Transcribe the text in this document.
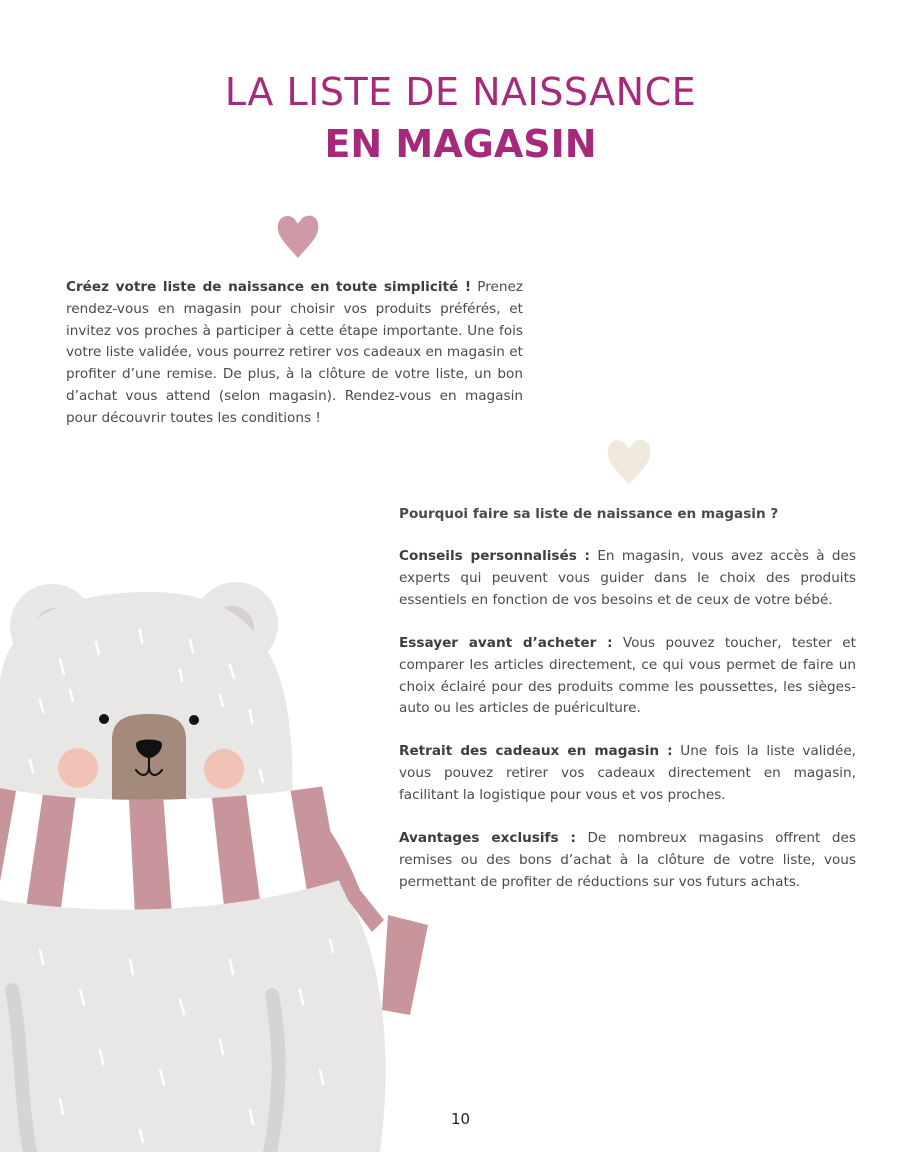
LA LISTE DE NAISSANCE
EN MAGASIN

Créez votre liste de naissance en toute simplicité ! Prenez rendez-vous en magasin pour choisir vos produits préférés, et invitez vos proches à participer à cette étape importante. Une fois votre liste validée, vous pourrez retirer vos cadeaux en magasin et profiter d’une remise. De plus, à la clôture de votre liste, un bon d’achat vous attend (selon magasin). Rendez-vous en magasin pour découvrir toutes les conditions !

Pourquoi faire sa liste de naissance en magasin ?

Conseils personnalisés : En magasin, vous avez accès à des experts qui peuvent vous guider dans le choix des produits essentiels en fonction de vos besoins et de ceux de votre bébé.

Essayer avant d’acheter : Vous pouvez toucher, tester et comparer les articles directement, ce qui vous permet de faire un choix éclairé pour des produits comme les poussettes, les sièges-auto ou les articles de puériculture.

Retrait des cadeaux en magasin : Une fois la liste validée, vous pouvez retirer vos cadeaux directement en magasin, facilitant la logistique pour vous et vos proches.

Avantages exclusifs : De nombreux magasins offrent des remises ou des bons d’achat à la clôture de votre liste, vous permettant de profiter de réductions sur vos futurs achats.

10
